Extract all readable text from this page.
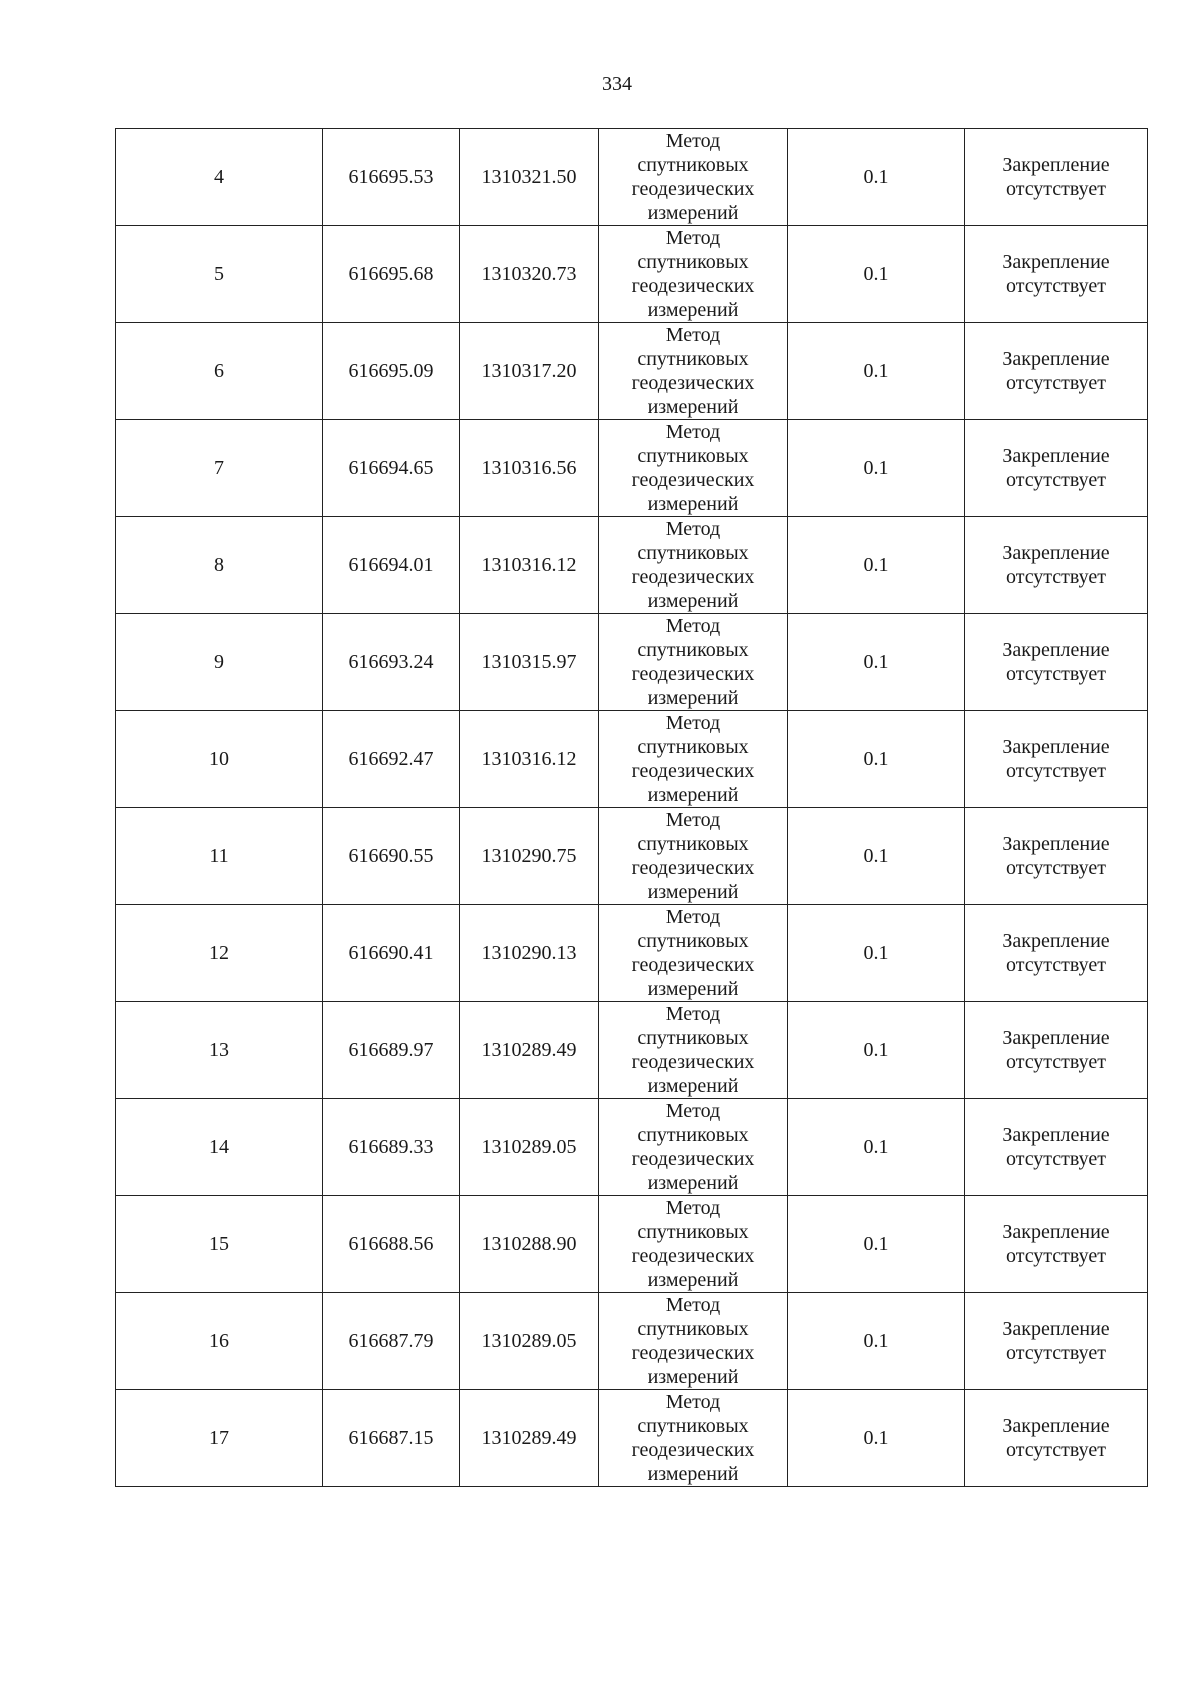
334
4	616695.53	1310321.50	Метод
спутниковых
геодезических
измерений	0.1	Закрепление
отсутствует

5	616695.68	1310320.73	Метод
спутниковых
геодезических
измерений	0.1	Закрепление
отсутствует

6	616695.09	1310317.20	Метод
спутниковых
геодезических
измерений	0.1	Закрепление
отсутствует

7	616694.65	1310316.56	Метод
спутниковых
геодезических
измерений	0.1	Закрепление
отсутствует

8	616694.01	1310316.12	Метод
спутниковых
геодезических
измерений	0.1	Закрепление
отсутствует

9	616693.24	1310315.97	Метод
спутниковых
геодезических
измерений	0.1	Закрепление
отсутствует

10	616692.47	1310316.12	Метод
спутниковых
геодезических
измерений	0.1	Закрепление
отсутствует

11	616690.55	1310290.75	Метод
спутниковых
геодезических
измерений	0.1	Закрепление
отсутствует

12	616690.41	1310290.13	Метод
спутниковых
геодезических
измерений	0.1	Закрепление
отсутствует

13	616689.97	1310289.49	Метод
спутниковых
геодезических
измерений	0.1	Закрепление
отсутствует

14	616689.33	1310289.05	Метод
спутниковых
геодезических
измерений	0.1	Закрепление
отсутствует

15	616688.56	1310288.90	Метод
спутниковых
геодезических
измерений	0.1	Закрепление
отсутствует

16	616687.79	1310289.05	Метод
спутниковых
геодезических
измерений	0.1	Закрепление
отсутствует

17	616687.15	1310289.49	Метод
спутниковых
геодезических
измерений	0.1	Закрепление
отсутствует
